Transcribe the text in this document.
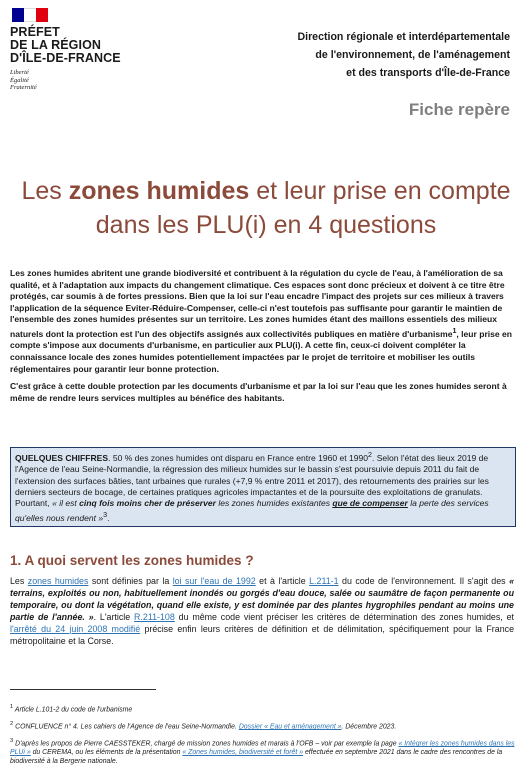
PRÉFET
DE LA RÉGION
D'ÎLE-DE-FRANCE
Liberté
Égalité
Fraternité
Direction régionale et interdépartementale
de l'environnement, de l'aménagement
et des transports d'Île-de-France
Fiche repère
Les zones humides et leur prise en compte dans les PLU(i) en 4 questions

Les zones humides abritent une grande biodiversité et contribuent à la régulation du cycle de l'eau, à l'amélioration de sa qualité, et à l'adaptation aux impacts du changement climatique. Ces espaces sont donc précieux et doivent à ce titre être protégés, car soumis à de fortes pressions. Bien que la loi sur l'eau encadre l'impact des projets sur ces milieux à travers l'application de la séquence Eviter-Réduire-Compenser, celle-ci n'est toutefois pas suffisante pour garantir le maintien de l'ensemble des zones humides présentes sur un territoire. Les zones humides étant des maillons essentiels des milieux naturels dont la protection est l'un des objectifs assignés aux collectivités publiques en matière d'urbanisme$^1$, leur prise en compte s'impose aux documents d'urbanisme, en particulier aux PLU(i). A cette fin, ceux-ci doivent compléter la connaissance locale des zones humides potentiellement impactées par le projet de territoire et mobiliser les outils réglementaires pour garantir leur bonne protection.

C'est grâce à cette double protection par les documents d'urbanisme et par la loi sur l'eau que les zones humides seront à même de rendre leurs services multiples au bénéfice des habitants.

QUELQUES CHIFFRES. 50 % des zones humides ont disparu en France entre 1960 et 1990$^2$. Selon l'état des lieux 2019 de l'Agence de l'eau Seine-Normandie, la régression des milieux humides sur le bassin s'est poursuivie depuis 2011 du fait de l'extension des surfaces bâties, tant urbaines que rurales (+7,9 % entre 2011 et 2017), des retournements des prairies sur les derniers secteurs de bocage, de certaines pratiques agricoles impactantes et de la poursuite des exploitations de granulats. Pourtant, « il est cinq fois moins cher de préserver les zones humides existantes que de compenser la perte des services qu'elles nous rendent »$^3$.
1. A quoi servent les zones humides ?
Les zones humides sont définies par la loi sur l'eau de 1992 et à l'article L.211-1 du code de l'environnement. Il s'agit des « terrains, exploités ou non, habituellement inondés ou gorgés d'eau douce, salée ou saumâtre de façon permanente ou temporaire, ou dont la végétation, quand elle existe, y est dominée par des plantes hygrophiles pendant au moins une partie de l'année. ». L'article R.211-108 du même code vient préciser les critères de détermination des zones humides, et l'arrêté du 24 juin 2008 modifié précise enfin leurs critères de définition et de délimitation, spécifiquement pour la France métropolitaine et la Corse.
$^1$ Article L.101-2 du code de l'urbanisme
$^2$ CONFLUENCE n° 4. Les cahiers de l'Agence de l'eau Seine-Normandie. Dossier « Eau et aménagement ». Décembre 2023.
$^3$ D'après les propos de Pierre CAESSTEKER, chargé de mission zones humides et marais à l'OFB – voir par exemple la page « Intégrer les zones humides dans les PLUi » du CEREMA, ou les éléments de la présentation « Zones humides, biodiversité et forêt » effectuée en septembre 2021 dans le cadre des rencontres de la biodiversité à la Bergerie nationale.
